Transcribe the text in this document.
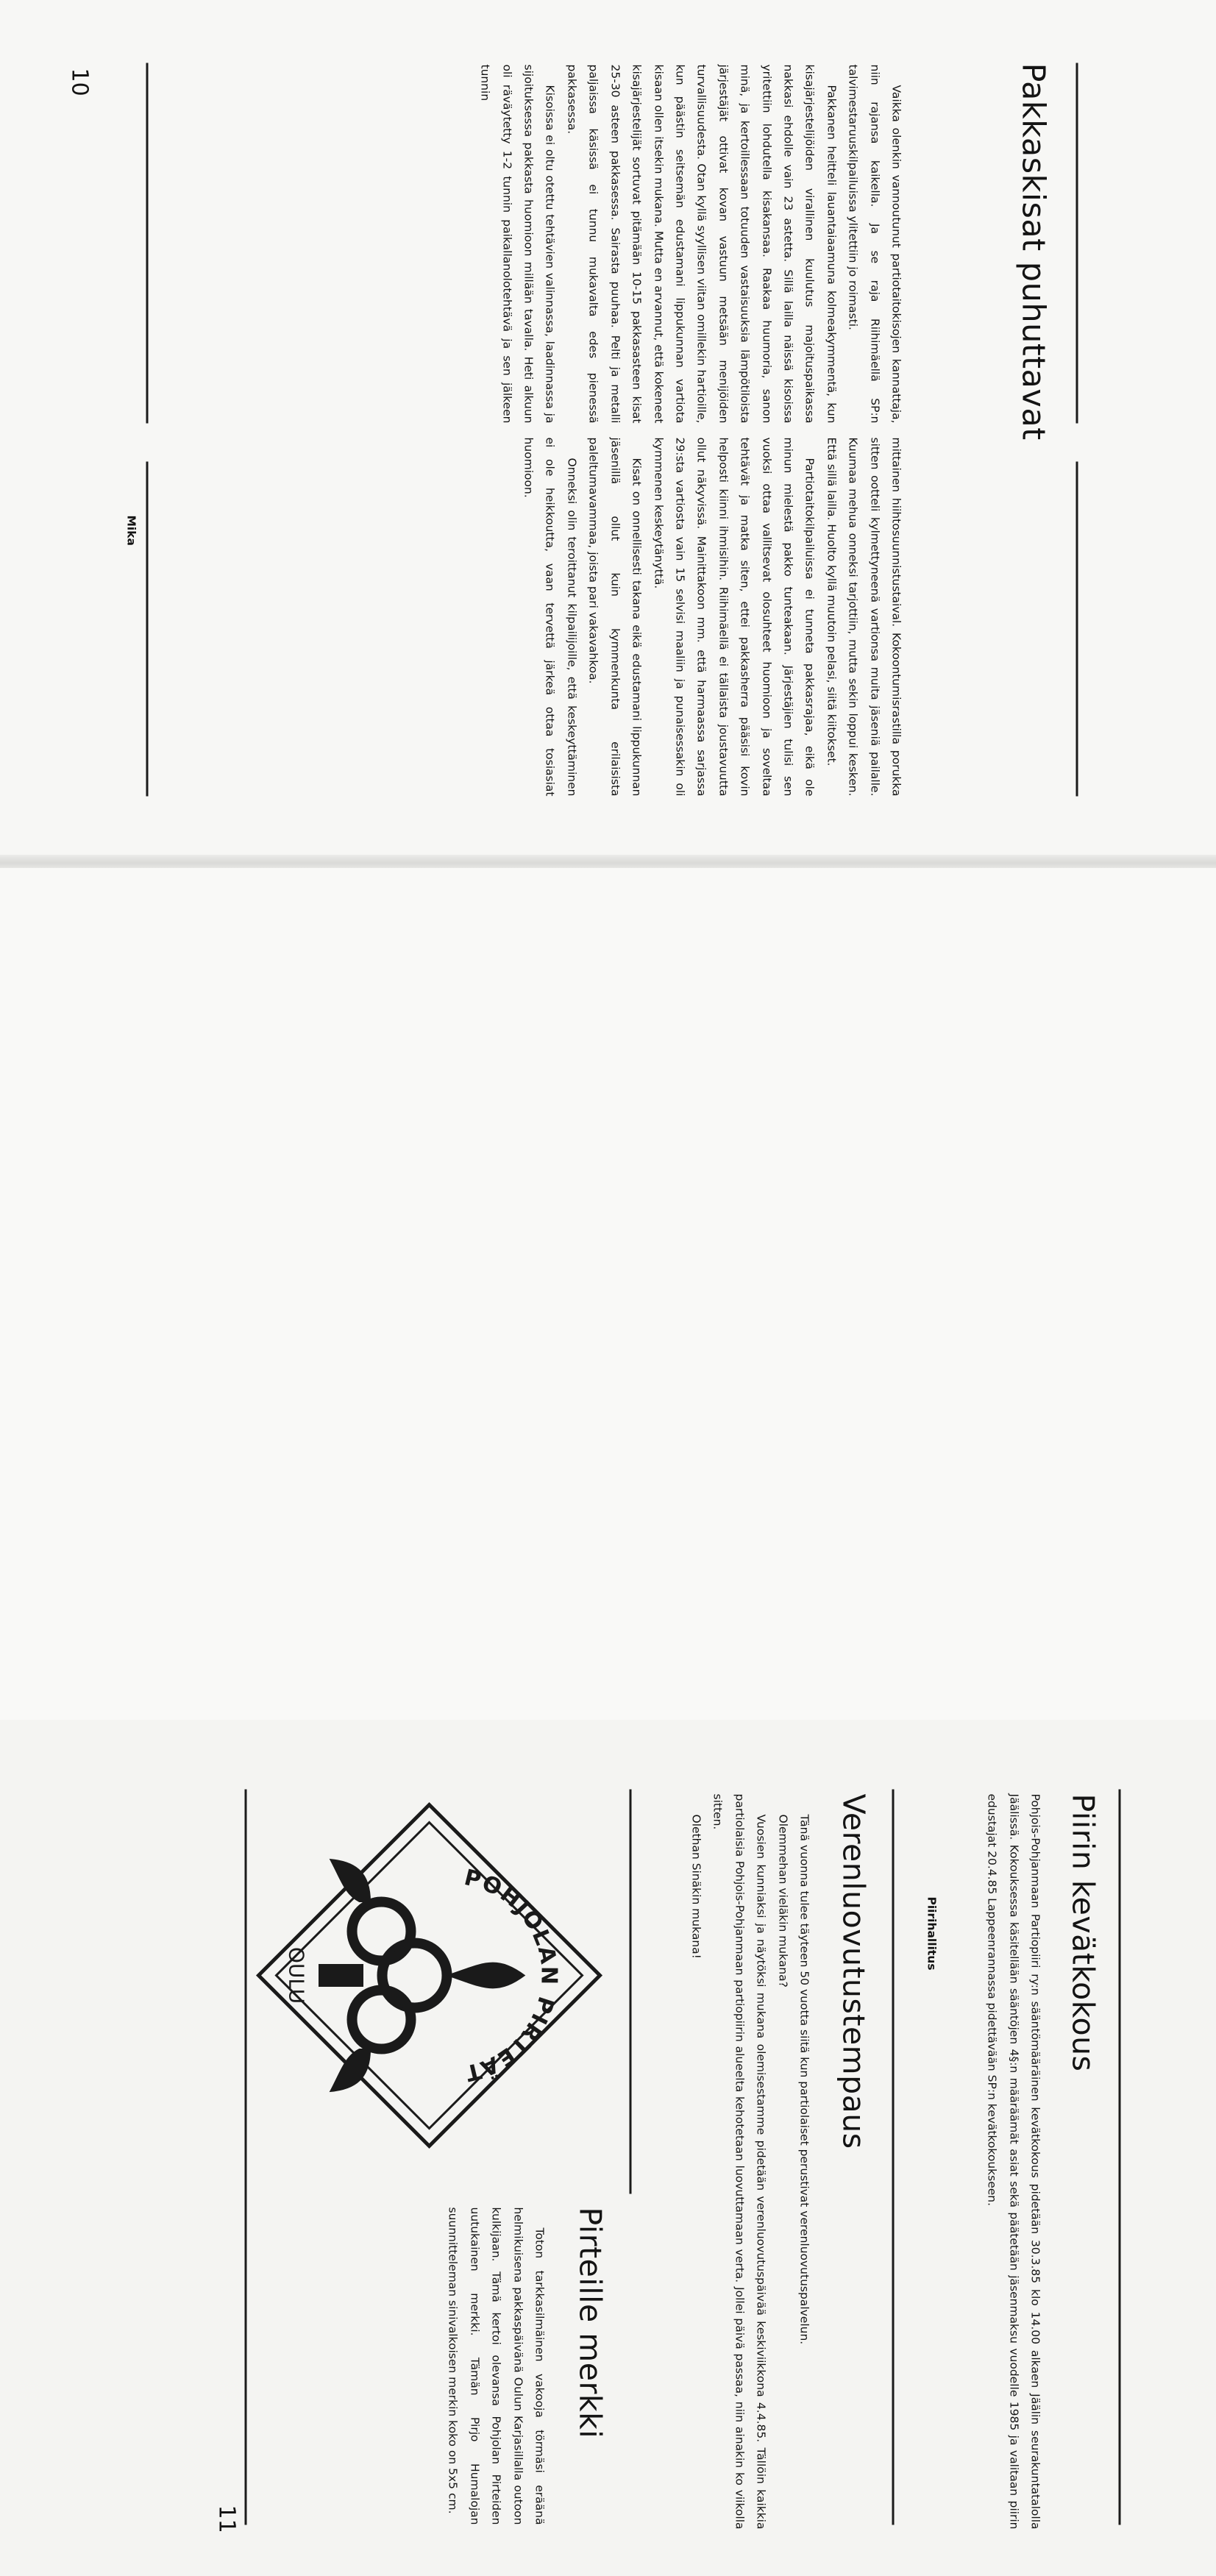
Pakkaskisat puhuttavat

Vaikka olenkin vannoutunut partiotaitokisojen kannattaja, niin rajansa kaikella. Ja se raja Riihimäellä SP:n talvimestaruuskilpailuissa ylitettiin jo roimasti.

Pakkanen heitteli lauantaiaamuna kolmeakymmentä, kun kisajärjestelijöiden virallinen kuulutus majoituspaikassa nakkasi ehdolle vain 23 astetta. Sillä lailla näissä kisoissa yritettiin lohdutella kisakansaa. Raakaa huumoria, sanon minä, ja kertoillessaan totuuden vastaisuuksia lämpötiloista järjestäjät ottivat kovan vastuun metsään menijöiden turvallisuudesta. Otan kyllä syyllisen viitan omillekin hartioille, kun päästin seitsemän edustamani lippukunnan vartiota kisaan ollen itsekin mukana. Mutta en arvannut, että kokeneet kisajärjestelijät sortuvat pitämään 10-15 pakkasasteen kisat 25-30 asteen pakkasessa. Sairasta puuhaa. Pelti ja metalli paljaissa käsissä ei tunnu mukavalta edes pienessä pakkasessa.

Kisoissa ei oltu otettu tehtävien valinnassa, laadinnassa ja sijoituksessa pakkasta huomioon millään tavalla. Heti alkuun oli räväytetty 1-2 tunnin paikallanolotehtävä ja sen jälkeen tunnin

mittainen hiihtosuunnistustaival. Kokoontumisrastilla porukka sitten ootteli kylmettyneenä vartionsa muita jäseniä pailalle. Kuumaa mehua onneksi tarjottiin, mutta sekin loppui kesken. Että sillä lailla. Huolto kyllä muutoin pelasi, siitä kiitokset.

Partiotaitokilpailuissa ei tunneta pakkasrajaa, eikä ole minun mielestä pakko tunteakaan. Järjestäjien tulisi sen vuoksi ottaa vallitsevat olosuhteet huomioon ja soveltaa tehtävät ja matka siten, ettei pakkasherra pääsisi kovin helposti kiinni ihmisihin. Riihimäellä ei tällaista joustavuutta ollut näkyvissä. Mainittakoon mm. että harmaassa sarjassa 29:sta vartiosta vain 15 selvisi maaliin ja punaisessakin oli kymmenen keskeytänyttä.

Kisat on onnellisesti takana eikä edustamani lippukunnan jäsenillä ollut kuin kymmenkunta erilaisista paleltumavammaa, joista pari vakavahkoa.

Onneksi olin teroittanut kilpailijoille, että keskeyttäminen ei ole heikkoutta, vaan tervettä järkeä ottaa tosiasiat huomioon.

Mika
10
Piirin kevätkokous

Pohjois-Pohjanmaan Partiopiiri ry:n sääntömääräinen kevätkokous pidetään 30.3.85 klo 14.00 alkaen Jäälin seurakuntatalolla Jäälissä. Kokouksessa käsitellään sääntöjen 4§:n määräämät asiat sekä päätetään jäsenmaksu vuodelle 1985 ja valitaan piirin edustajat 20.4.85 Lappeenrannassa pidettävään SP:n kevätkokoukseen.

Piirihallitus
Verenluovutustempaus

Tänä vuonna tulee täyteen 50 vuotta siitä kun partiolaiset perustivat verenluovutuspalvelun.

Olemmehan vieläkin mukana?

Vuosien kunniaksi ja näytöksi mukana olemisestamme pidetään verenluovutuspäivää keskiviikkona 4.4.85. Tällöin kaikkia partiolaisia Pohjois-Pohjanmaan partiopiirin alueelta kehotetaan luovuttamaan verta. Jollei päivä passaa, niin ainakin ko viikolla sitten.

Olethan Sinäkin mukana!

POHJOLAN PIRTEÄT
OULU
Pirteille merkki

Toton tarkkasilmäinen vakooja törmäsi eräänä helmikuisena pakkaspäivänä Oulun Karjasillalla outoon kulkijaan. Tämä kertoi olevansa Pohjolan Pirteiden uutukainen merkki. Tämän Pirjo Humalojan suunnitteleman sinivalkoisen merkin koko on 5x5 cm.

11
